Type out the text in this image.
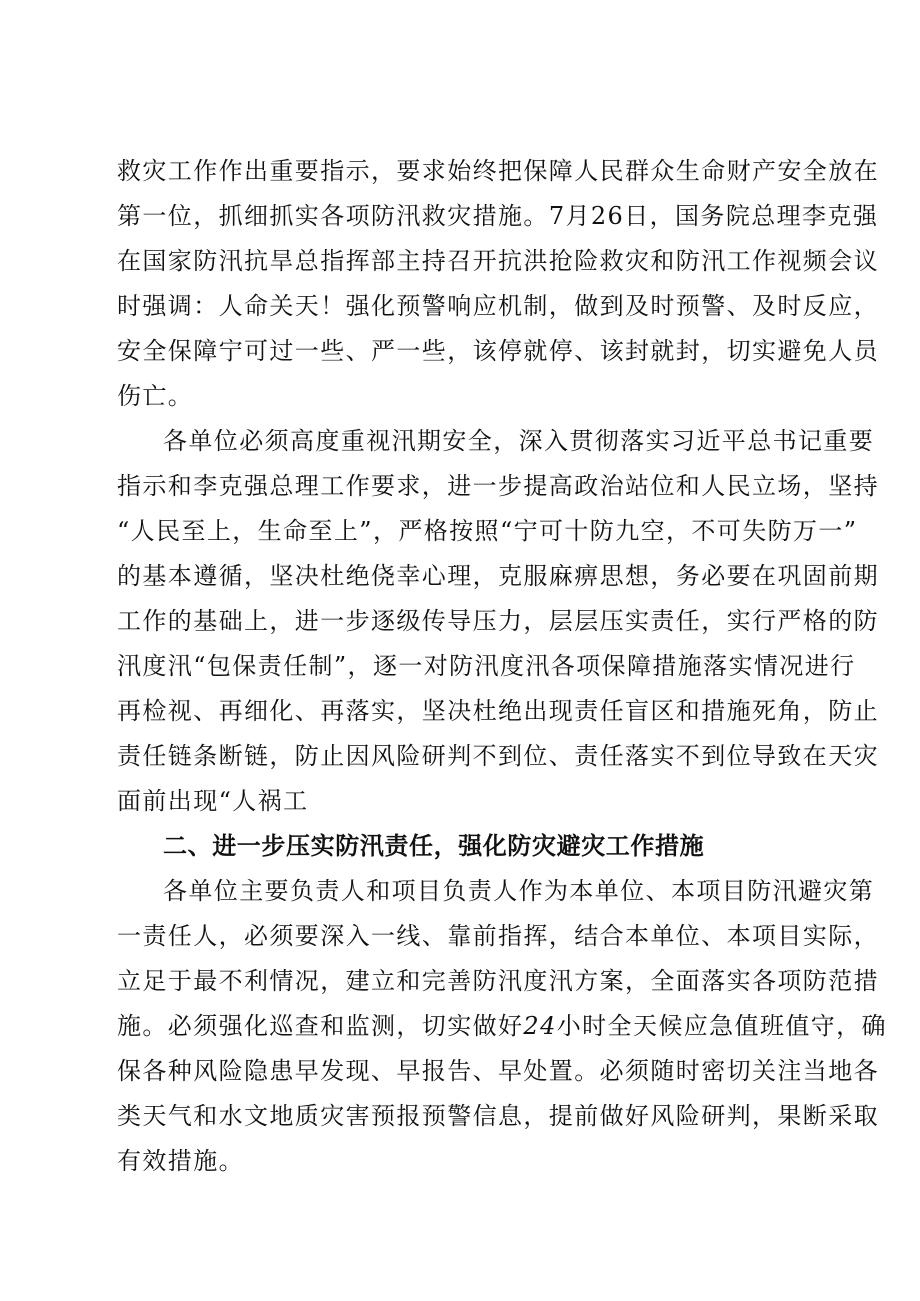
救灾工作作出重要指示，要求始终把保障人民群众生命财产安全放在
第一位，抓细抓实各项防汛救灾措施。7月26日，国务院总理李克强
在国家防汛抗旱总指挥部主持召开抗洪抢险救灾和防汛工作视频会议
时强调：人命关天！强化预警响应机制，做到及时预警、及时反应，
安全保障宁可过一些、严一些，该停就停、该封就封，切实避免人员
伤亡。
各单位必须高度重视汛期安全，深入贯彻落实习近平总书记重要
指示和李克强总理工作要求，进一步提高政治站位和人民立场，坚持
“人民至上，生命至上”，严格按照“宁可十防九空，不可失防万一”
的基本遵循，坚决杜绝侥幸心理，克服麻痹思想，务必要在巩固前期
工作的基础上，进一步逐级传导压力，层层压实责任，实行严格的防
汛度汛“包保责任制”，逐一对防汛度汛各项保障措施落实情况进行
再检视、再细化、再落实，坚决杜绝出现责任盲区和措施死角，防止
责任链条断链，防止因风险研判不到位、责任落实不到位导致在天灾
面前出现“人祸工
二、进一步压实防汛责任，强化防灾避灾工作措施
各单位主要负责人和项目负责人作为本单位、本项目防汛避灾第
一责任人，必须要深入一线、靠前指挥，结合本单位、本项目实际，
立足于最不利情况，建立和完善防汛度汛方案，全面落实各项防范措
施。必须强化巡查和监测，切实做好24小时全天候应急值班值守，确
保各种风险隐患早发现、早报告、早处置。必须随时密切关注当地各
类天气和水文地质灾害预报预警信息，提前做好风险研判，果断采取
有效措施。
